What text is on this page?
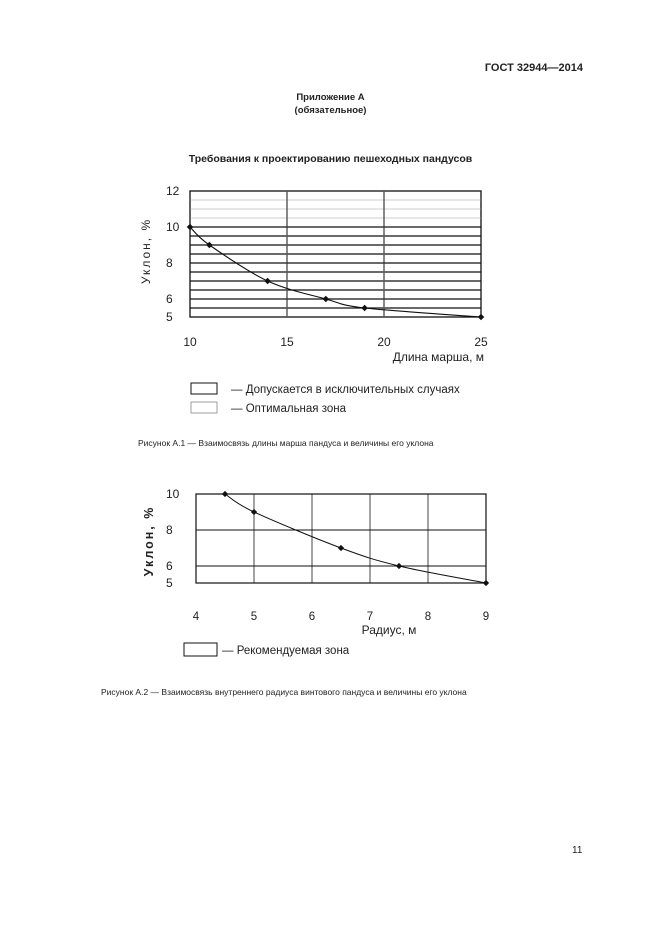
ГОСТ 32944—2014
Приложение А
(обязательное)
Требования к проектированию пешеходных пандусов
5
6
8
10
12
10	15	20	25
Длина марша, м
Уклон, %
— Допускается в исключительных случаях
— Оптимальная зона
5
6
8
10
4	5	6	7	8	9
Радиус, м
Уклон, %
— Рекомендуемая зона
Рисунок А.1 — Взаимосвязь длины марша пандуса и величины его уклона
Рисунок А.2 — Взаимосвязь внутреннего радиуса винтового пандуса и величины его уклона
11
